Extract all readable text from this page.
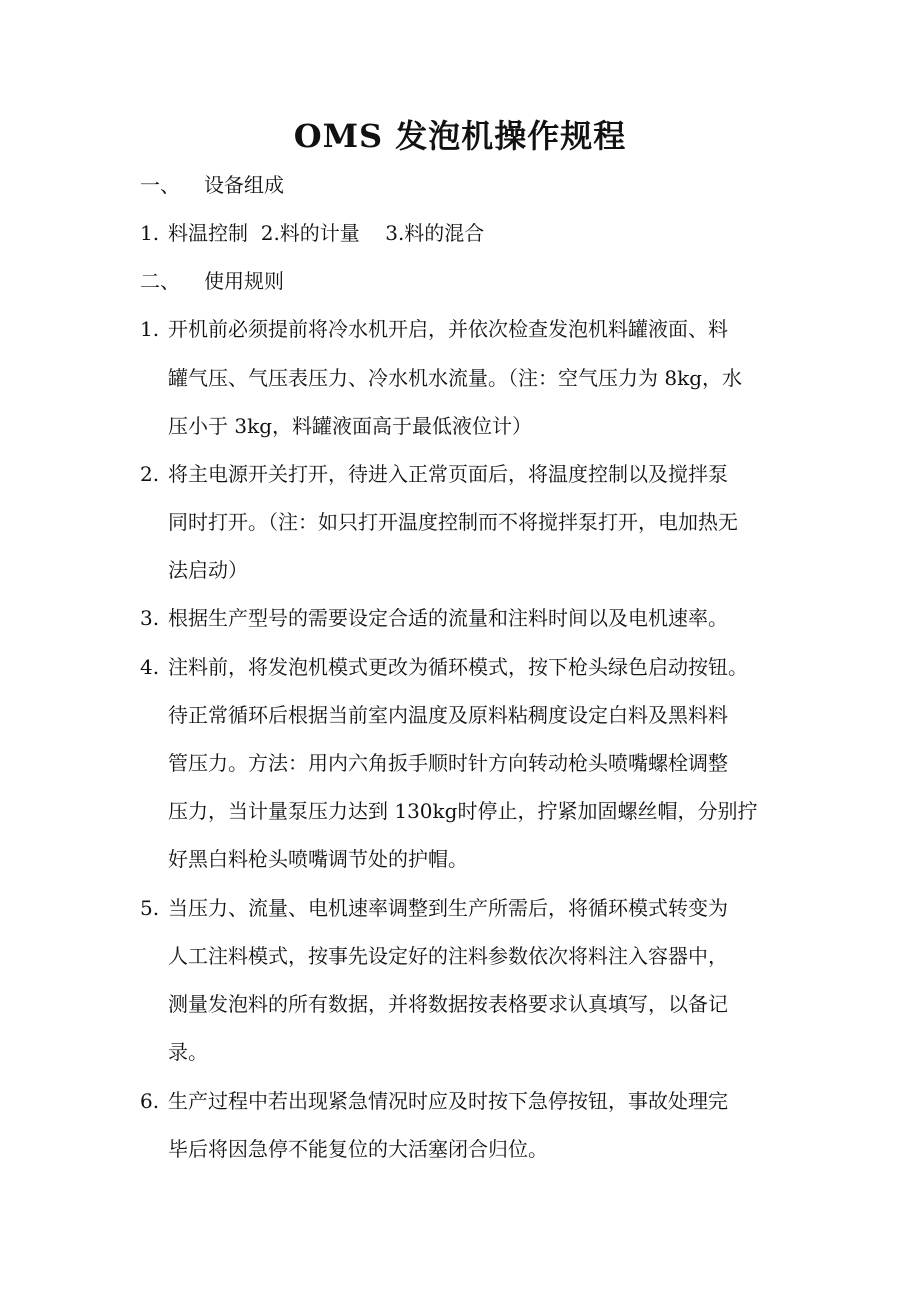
OMS 发泡机操作规程
一、 设备组成
1. 料温控制  2.料的计量    3.料的混合
二、 使用规则
1. 开机前必须提前将冷水机开启，并依次检查发泡机料罐液面、料
罐气压、气压表压力、冷水机水流量。（注：空气压力为 8kg，水
压小于 3kg，料罐液面高于最低液位计）
2. 将主电源开关打开，待进入正常页面后，将温度控制以及搅拌泵
同时打开。（注：如只打开温度控制而不将搅拌泵打开，电加热无
法启动）
3. 根据生产型号的需要设定合适的流量和注料时间以及电机速率。
4. 注料前，将发泡机模式更改为循环模式，按下枪头绿色启动按钮。
待正常循环后根据当前室内温度及原料粘稠度设定白料及黑料料
管压力。方法：用内六角扳手顺时针方向转动枪头喷嘴螺栓调整
压力，当计量泵压力达到 130kg时停止，拧紧加固螺丝帽，分别拧
好黑白料枪头喷嘴调节处的护帽。
5. 当压力、流量、电机速率调整到生产所需后，将循环模式转变为
人工注料模式，按事先设定好的注料参数依次将料注入容器中，
测量发泡料的所有数据，并将数据按表格要求认真填写，以备记
录。
6. 生产过程中若出现紧急情况时应及时按下急停按钮，事故处理完
毕后将因急停不能复位的大活塞闭合归位。
